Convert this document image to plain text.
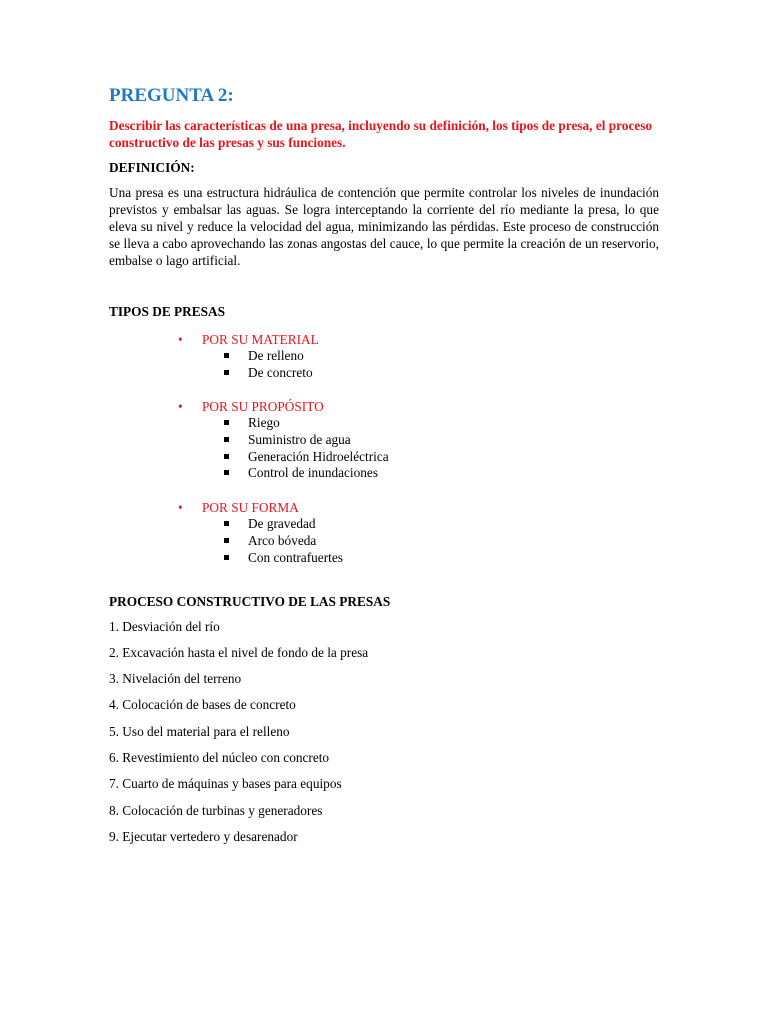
PREGUNTA 2:
Describir las características de una presa, incluyendo su definición, los tipos de presa, el proceso constructivo de las presas y sus funciones.
DEFINICIÓN:
Una presa es una estructura hidráulica de contención que permite controlar los niveles de inundación previstos y embalsar las aguas. Se logra interceptando la corriente del río mediante la presa, lo que eleva su nivel y reduce la velocidad del agua, minimizando las pérdidas. Este proceso de construcción se lleva a cabo aprovechando las zonas angostas del cauce, lo que permite la creación de un reservorio, embalse o lago artificial.
TIPOS DE PRESAS
• POR SU MATERIAL
De relleno
De concreto
• POR SU PROPÓSITO
Riego
Suministro de agua
Generación Hidroeléctrica
Control de inundaciones
• POR SU FORMA
De gravedad
Arco bóveda
Con contrafuertes
PROCESO CONSTRUCTIVO DE LAS PRESAS
1. Desviación del río
2. Excavación hasta el nivel de fondo de la presa
3. Nivelación del terreno
4. Colocación de bases de concreto
5. Uso del material para el relleno
6. Revestimiento del núcleo con concreto
7. Cuarto de máquinas y bases para equipos
8. Colocación de turbinas y generadores
9. Ejecutar vertedero y desarenador
